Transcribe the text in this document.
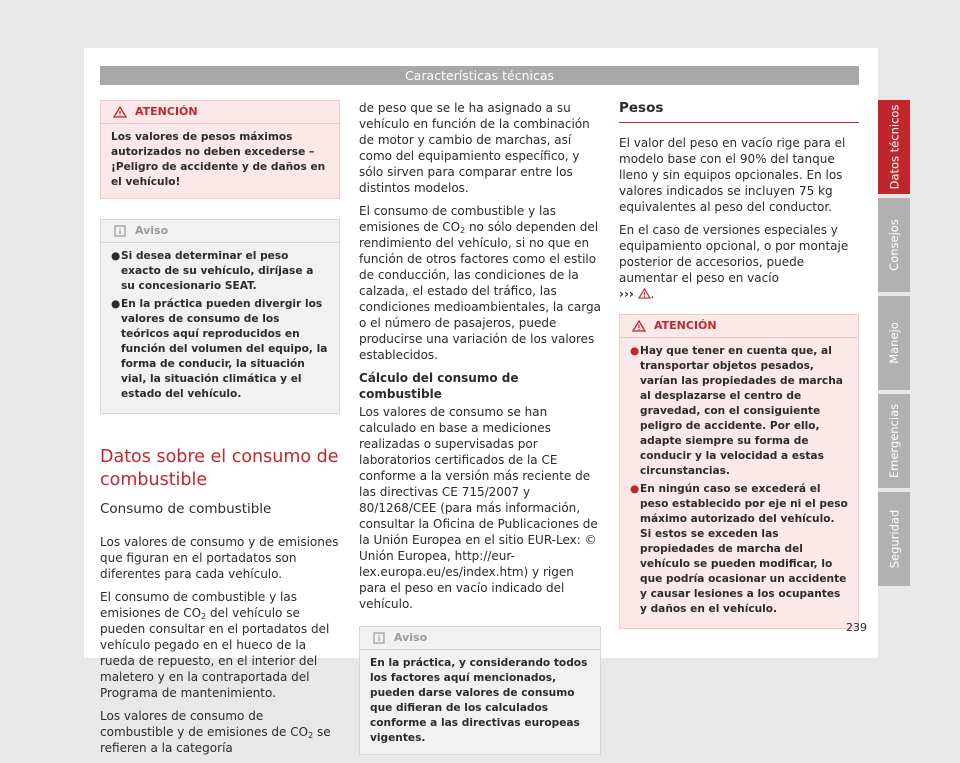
Características técnicas
ATENCIÓN
Los valores de pesos máximos autorizados no deben excederse – ¡Peligro de accidente y de daños en el vehículo!
Aviso
● Si desea determinar el peso exacto de su vehículo, diríjase a su concesionario SEAT.
● En la práctica pueden divergir los valores de consumo de los teóricos aquí reproducidos en función del volumen del equipo, la forma de conducir, la situación vial, la situación climática y el estado del vehículo.
Datos sobre el consumo de combustible
Consumo de combustible

Los valores de consumo y de emisiones que figuran en el portadatos son diferentes para cada vehículo.

El consumo de combustible y las emisiones de $CO_2$ del vehículo se pueden consultar en el portadatos del vehículo pegado en el hueco de la rueda de repuesto, en el interior del maletero y en la contraportada del Programa de mantenimiento.

Los valores de consumo de combustible y de emisiones de $CO_2$ se refieren a la categoría

de peso que se le ha asignado a su vehículo en función de la combinación de motor y cambio de marchas, así como del equipamiento específico, y sólo sirven para comparar entre los distintos modelos.

El consumo de combustible y las emisiones de $CO_2$ no sólo dependen del rendimiento del vehículo, si no que en función de otros factores como el estilo de conducción, las condiciones de la calzada, el estado del tráfico, las condiciones medioambientales, la carga o el número de pasajeros, puede producirse una variación de los valores establecidos.

Cálculo del consumo de combustible

Los valores de consumo se han calculado en base a mediciones realizadas o supervisadas por laboratorios certificados de la CE conforme a la versión más reciente de las directivas CE 715/2007 y 80/1268/CEE (para más información, consultar la Oficina de Publicaciones de la Unión Europea en el sitio EUR-Lex: © Unión Europea, http://eur-lex.europa.eu/es/index.htm) y rigen para el peso en vacío indicado del vehículo.

Aviso
En la práctica, y considerando todos los factores aquí mencionados, pueden darse valores de consumo que difieran de los calculados conforme a las directivas europeas vigentes.
Pesos

El valor del peso en vacío rige para el modelo base con el 90% del tanque lleno y sin equipos opcionales. En los valores indicados se incluyen 75 kg equivalentes al peso del conductor.

En el caso de versiones especiales y equipamiento opcional, o por montaje posterior de accesorios, puede aumentar el peso en vacío
››› .

ATENCIÓN
● Hay que tener en cuenta que, al transportar objetos pesados, varían las propiedades de marcha al desplazarse el centro de gravedad, con el consiguiente peligro de accidente. Por ello, adapte siempre su forma de conducir y la velocidad a estas circunstancias.
● En ningún caso se excederá el peso establecido por eje ni el peso máximo autorizado del vehículo. Si estos se exceden las propiedades de marcha del vehículo se pueden modificar, lo que podría ocasionar un accidente y causar lesiones a los ocupantes y daños en el vehículo.
Datos técnicos
Consejos
Manejo
Emergencias
Seguridad
239
